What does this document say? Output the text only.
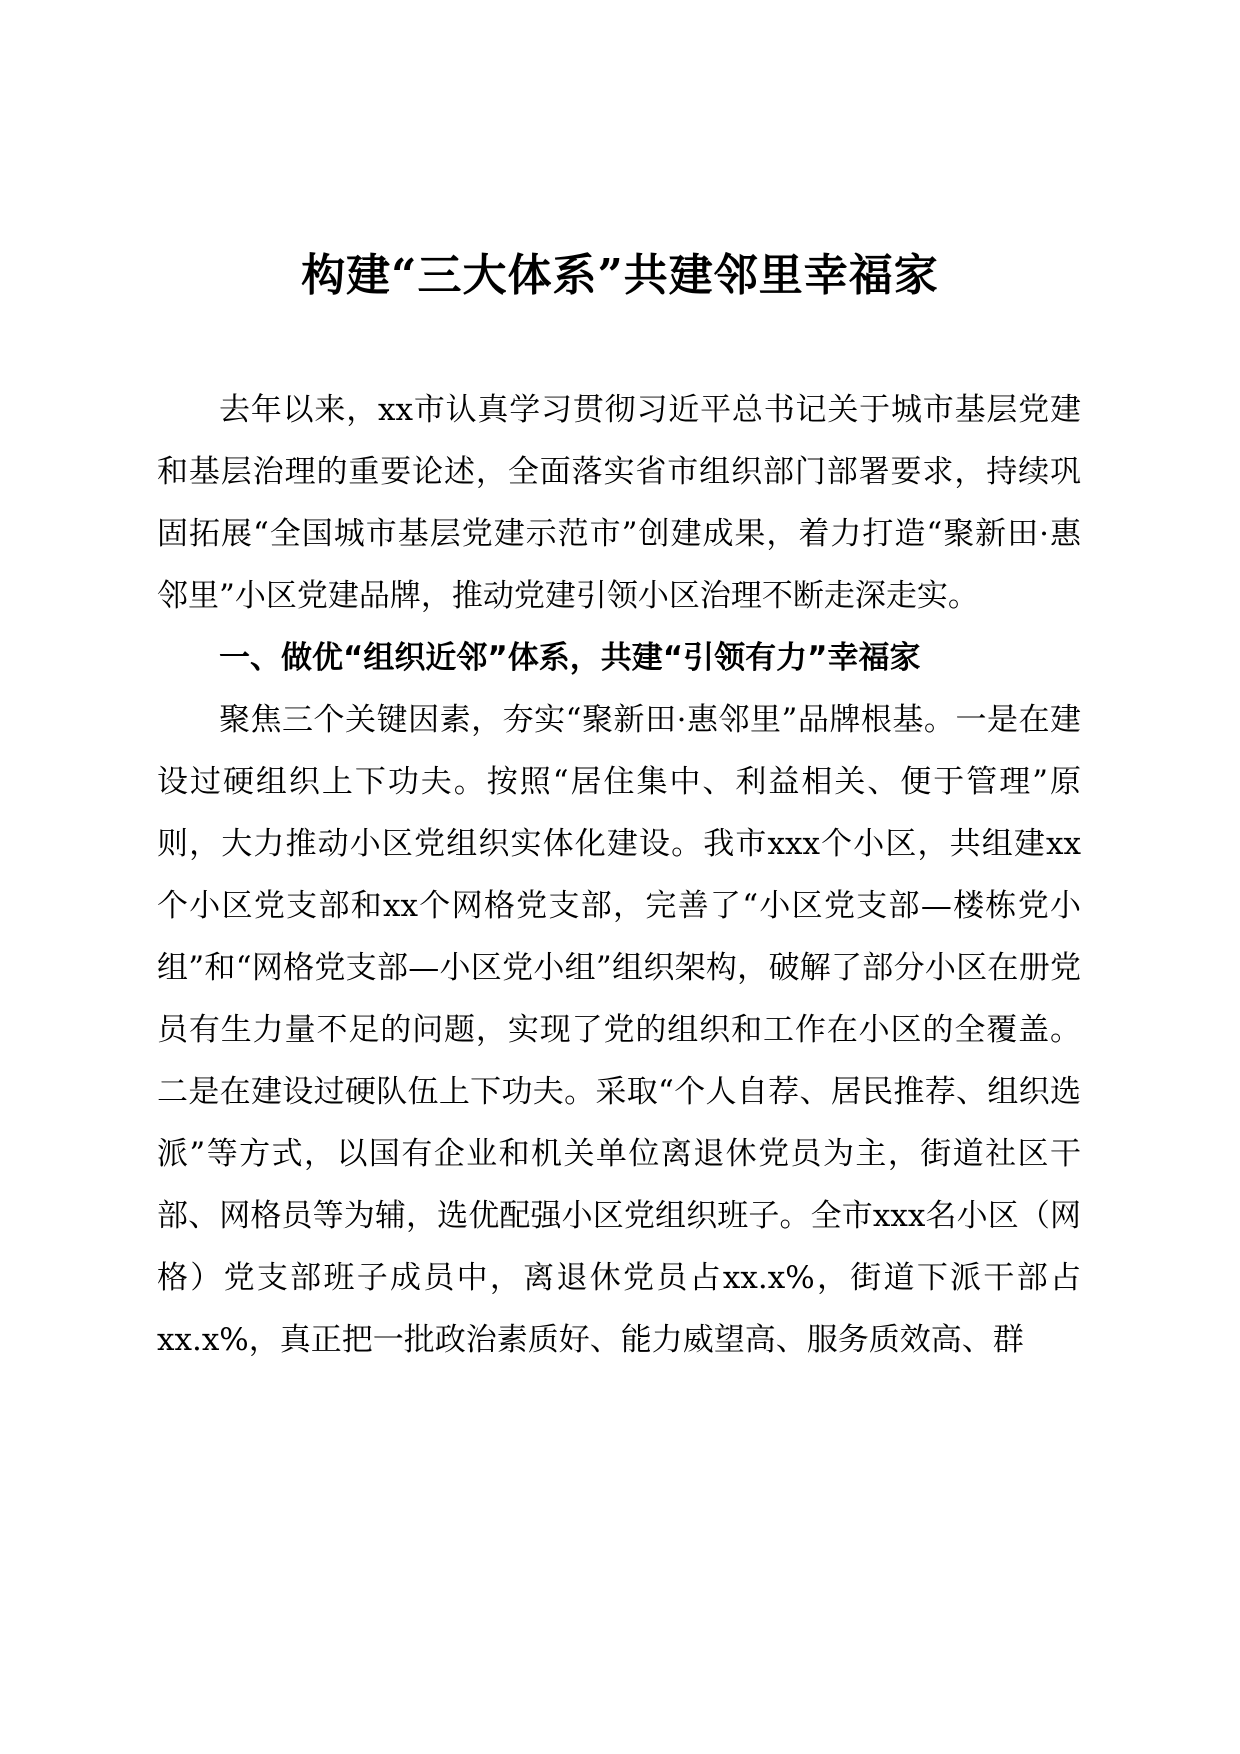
构建“三大体系”共建邻里幸福家

去年以来，xx市认真学习贯彻习近平总书记关于城市基层党建和基层治理的重要论述，全面落实省市组织部门部署要求，持续巩固拓展“全国城市基层党建示范市”创建成果，着力打造“聚新田·惠邻里”小区党建品牌，推动党建引领小区治理不断走深走实。

一、做优“组织近邻”体系，共建“引领有力”幸福家

聚焦三个关键因素，夯实“聚新田·惠邻里”品牌根基。一是在建设过硬组织上下功夫。按照“居住集中、利益相关、便于管理”原则，大力推动小区党组织实体化建设。我市xxx个小区，共组建xx个小区党支部和xx个网格党支部，完善了“小区党支部—楼栋党小组”和“网格党支部—小区党小组”组织架构，破解了部分小区在册党员有生力量不足的问题，实现了党的组织和工作在小区的全覆盖。二是在建设过硬队伍上下功夫。采取“个人自荐、居民推荐、组织选派”等方式，以国有企业和机关单位离退休党员为主，街道社区干部、网格员等为辅，选优配强小区党组织班子。全市xxx名小区（网格）党支部班子成员中，离退休党员占xx.x%，街道下派干部占xx.x%，真正把一批政治素质好、能力威望高、服务质效高、群
